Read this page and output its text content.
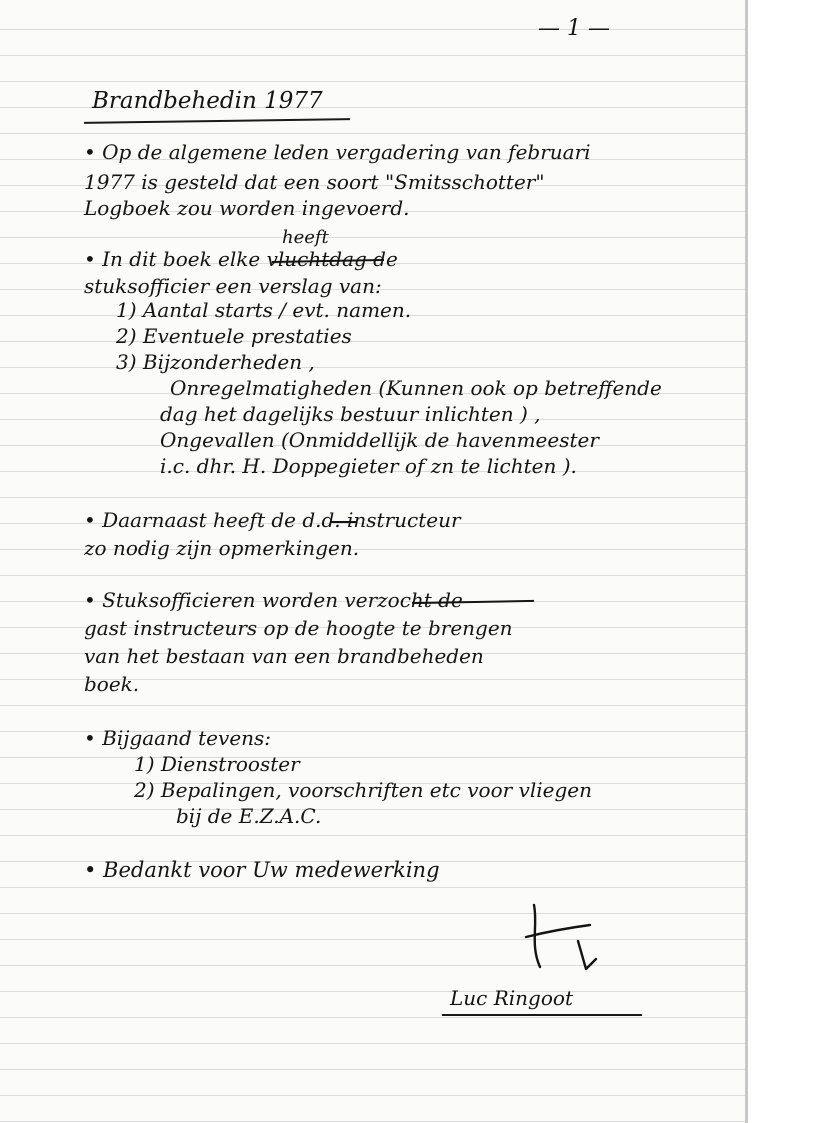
— 1 —
Brandbehedin 1977
• Op de algemene leden vergadering van februari
1977 is gesteld dat een soort "Smitsschotter"
Logboek zou worden ingevoerd.
heeft
• In dit boek elke vluchtdag de
stuksofficier een verslag van:
1) Aantal starts / evt. namen.
2) Eventuele prestaties
3) Bijzonderheden ,
Onregelmatigheden (Kunnen ook op betreffende
dag het dagelijks bestuur inlichten ) ,
Ongevallen (Onmiddellijk de havenmeester
i.c. dhr. H. Doppegieter of zn te lichten ).
• Daarnaast heeft de d.d. instructeur
zo nodig zijn opmerkingen.
• Stuksofficieren worden verzocht de
gast instructeurs op de hoogte te brengen
van het bestaan van een brandbeheden
boek.
• Bijgaand tevens:
1) Dienstrooster
2) Bepalingen, voorschriften etc voor vliegen
bij de E.Z.A.C.
• Bedankt voor Uw medewerking
Luc Ringoot
